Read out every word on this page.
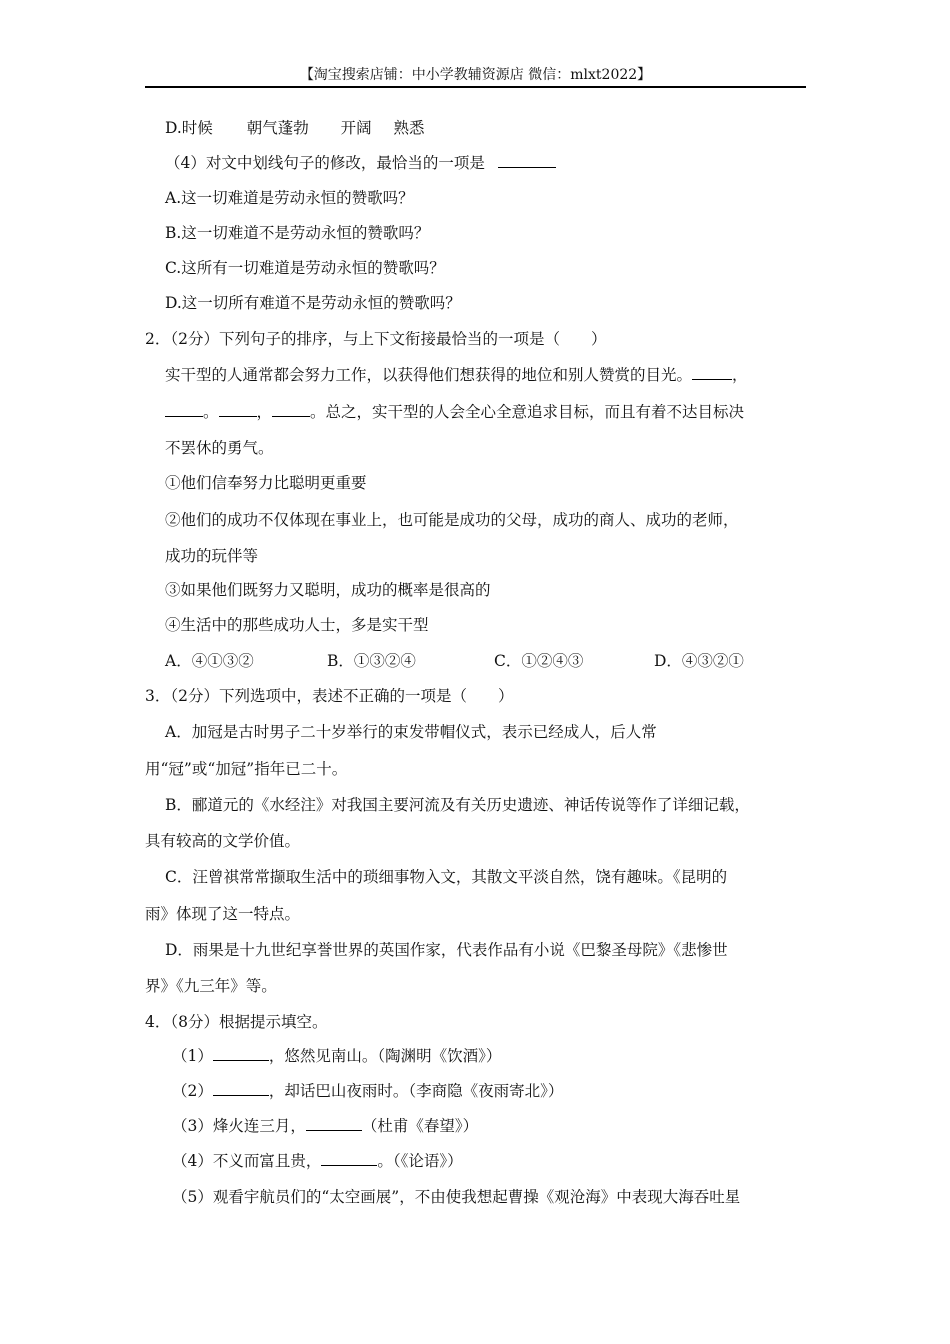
【淘宝搜索店铺：中小学教辅资源店 微信：mlxt2022】
D.时候 朝气蓬勃 开阔 熟悉
（4）对文中划线句子的修改，最恰当的一项是
A.这一切难道是劳动永恒的赞歌吗？
B.这一切难道不是劳动永恒的赞歌吗？
C.这所有一切难道是劳动永恒的赞歌吗？
D.这一切所有难道不是劳动永恒的赞歌吗？
2．（2分）下列句子的排序，与上下文衔接最恰当的一项是（　　）
实干型的人通常都会努力工作，以获得他们想获得的地位和别人赞赏的目光。	，
。 ， 。总之，实干型的人会全心全意追求目标，而且有着不达目标决
不罢休的勇气。
①他们信奉努力比聪明更重要
②他们的成功不仅体现在事业上，也可能是成功的父母，成功的商人、成功的老师，
成功的玩伴等
③如果他们既努力又聪明，成功的概率是很高的
④生活中的那些成功人士，多是实干型
A．④①③②	B．①③②④	C．①②④③	D．④③②①
3．（2分）下列选项中，表述不正确的一项是（　　）
A．加冠是古时男子二十岁举行的束发带帽仪式，表示已经成人，后人常
用“冠”或“加冠”指年已二十。
B．郦道元的《水经注》对我国主要河流及有关历史遗迹、神话传说等作了详细记载，
具有较高的文学价值。
C．汪曾祺常常撷取生活中的琐细事物入文，其散文平淡自然，饶有趣味。《昆明的
雨》体现了这一特点。
D．雨果是十九世纪享誉世界的英国作家，代表作品有小说《巴黎圣母院》《悲惨世
界》《九三年》等。
4．（8分）根据提示填空。
（1）	，悠然见南山。（陶渊明《饮酒》）
（2）	，却话巴山夜雨时。（李商隐《夜雨寄北》）
（3）烽火连三月，	（杜甫《春望》）
（4）不义而富且贵，	。（《论语》）
（5）观看宇航员们的“太空画展”，不由使我想起曹操《观沧海》中表现大海吞吐星
